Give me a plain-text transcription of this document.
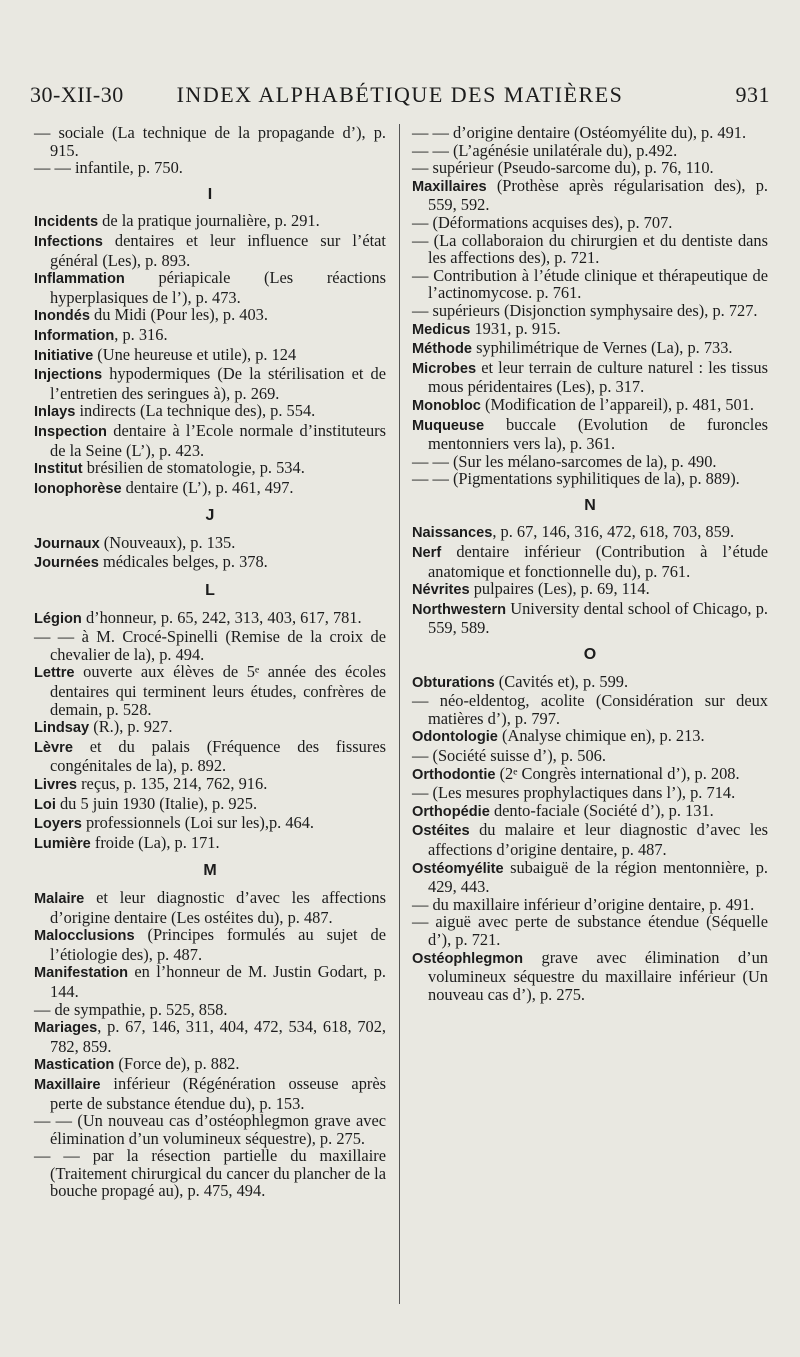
30-XII-30	INDEX ALPHABÉTIQUE DES MATIÈRES	931

— sociale (La technique de la propagande d’), p. 915.

— — infantile, p. 750.

I

Incidents de la pratique journalière, p. 291.

Infections dentaires et leur influence sur l’état général (Les), p. 893.

Inflammation périapicale (Les réactions hyperplasiques de l’), p. 473.

Inondés du Midi (Pour les), p. 403.

Information, p. 316.

Initiative (Une heureuse et utile), p. 124

Injections hypodermiques (De la stérilisation et de l’entretien des seringues à), p. 269.

Inlays indirects (La technique des), p. 554.

Inspection dentaire à l’Ecole normale d’instituteurs de la Seine (L’), p. 423.

Institut brésilien de stomatologie, p. 534.

Ionophorèse dentaire (L’), p. 461, 497.

J

Journaux (Nouveaux), p. 135.

Journées médicales belges, p. 378.

L

Légion d’honneur, p. 65, 242, 313, 403, 617, 781.

— — à M. Crocé-Spinelli (Remise de la croix de chevalier de la), p. 494.

Lettre ouverte aux élèves de 5ᵉ année des écoles dentaires qui terminent leurs études, confrères de demain, p. 528.

Lindsay (R.), p. 927.

Lèvre et du palais (Fréquence des fissures congénitales de la), p. 892.

Livres reçus, p. 135, 214, 762, 916.

Loi du 5 juin 1930 (Italie), p. 925.

Loyers professionnels (Loi sur les),p. 464.

Lumière froide (La), p. 171.

M

Malaire et leur diagnostic d’avec les affections d’origine dentaire (Les ostéites du), p. 487.

Malocclusions (Principes formulés au sujet de l’étiologie des), p. 487.

Manifestation en l’honneur de M. Justin Godart, p. 144.

— de sympathie, p. 525, 858.

Mariages, p. 67, 146, 311, 404, 472, 534, 618, 702, 782, 859.

Mastication (Force de), p. 882.

Maxillaire inférieur (Régénération osseuse après perte de substance étendue du), p. 153.

— — (Un nouveau cas d’ostéophlegmon grave avec élimination d’un volumineux séquestre), p. 275.

— — par la résection partielle du maxillaire (Traitement chirurgical du cancer du plancher de la bouche propagé au), p. 475, 494.

— — d’origine dentaire (Ostéomyélite du), p. 491.

— — (L’agénésie unilatérale du), p.492.

— supérieur (Pseudo-sarcome du), p. 76, 110.

Maxillaires (Prothèse après régularisation des), p. 559, 592.

— (Déformations acquises des), p. 707.

— (La collaboraion du chirurgien et du dentiste dans les affections des), p. 721.

— Contribution à l’étude clinique et thérapeutique de l’actinomycose. p. 761.

— supérieurs (Disjonction symphysaire des), p. 727.

Medicus 1931, p. 915.

Méthode syphilimétrique de Vernes (La), p. 733.

Microbes et leur terrain de culture naturel : les tissus mous péridentaires (Les), p. 317.

Monobloc (Modification de l’appareil), p. 481, 501.

Muqueuse buccale (Evolution de furoncles mentonniers vers la), p. 361.

— — (Sur les mélano-sarcomes de la), p. 490.

— — (Pigmentations syphilitiques de la), p. 889).

N

Naissances, p. 67, 146, 316, 472, 618, 703, 859.

Nerf dentaire inférieur (Contribution à l’étude anatomique et fonctionnelle du), p. 761.

Névrites pulpaires (Les), p. 69, 114.

Northwestern University dental school of Chicago, p. 559, 589.

O

Obturations (Cavités et), p. 599.

— néo-eldentog, acolite (Considération sur deux matières d’), p. 797.

Odontologie (Analyse chimique en), p. 213.

— (Société suisse d’), p. 506.

Orthodontie (2ᵉ Congrès international d’), p. 208.

— (Les mesures prophylactiques dans l’), p. 714.

Orthopédie dento-faciale (Société d’), p. 131.

Ostéites du malaire et leur diagnostic d’avec les affections d’origine dentaire, p. 487.

Ostéomyélite subaiguë de la région mentonnière, p. 429, 443.

— du maxillaire inférieur d’origine dentaire, p. 491.

— aiguë avec perte de substance étendue (Séquelle d’), p. 721.

Ostéophlegmon grave avec élimination d’un volumineux séquestre du maxillaire inférieur (Un nouveau cas d’), p. 275.
